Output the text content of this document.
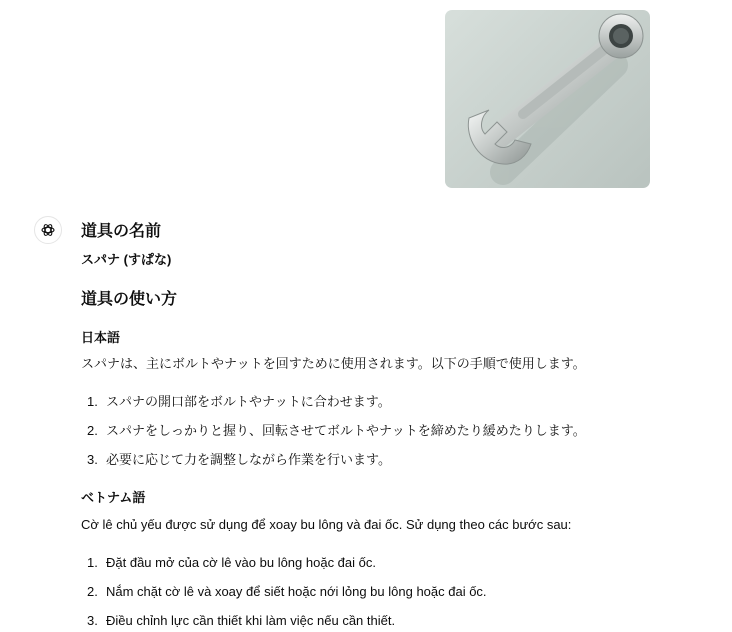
道具の名前

スパナ (すぱな)

道具の使い方

日本語

スパナは、主にボルトやナットを回すために使用されます。以下の手順で使用します。

1. スパナの開口部をボルトやナットに合わせます。
2. スパナをしっかりと握り、回転させてボルトやナットを締めたり緩めたりします。
3. 必要に応じて力を調整しながら作業を行います。

ベトナム語

Cờ lê chủ yếu được sử dụng để xoay bu lông và đai ốc. Sử dụng theo các bước sau:

1. Đặt đầu mở của cờ lê vào bu lông hoặc đai ốc.
2. Nắm chặt cờ lê và xoay để siết hoặc nới lỏng bu lông hoặc đai ốc.
3. Điều chỉnh lực cần thiết khi làm việc nếu cần thiết.
